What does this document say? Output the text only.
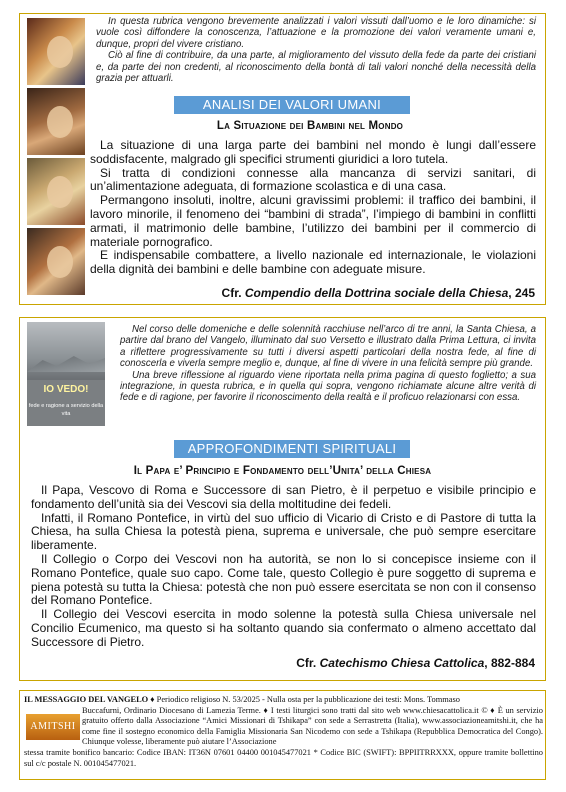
In questa rubrica vengono brevemente analizzati i valori vissuti dall’uomo e le loro dinamiche: si vuole così diffondere la conoscenza, l’attuazione e la promozione dei valori veramente umani e, dunque, propri del vivere cristiano.

Ciò al fine di contribuire, da una parte, al miglioramento del vissuto della fede da parte dei cristiani e, da parte dei non credenti, al riconoscimento della bontà di tali valori nonché della necessità della grazia per attuarli.

ANALISI DEI VALORI UMANI
La Situazione dei Bambini nel Mondo

La situazione di una larga parte dei bambini nel mondo è lungi dall’essere soddisfacente, malgrado gli specifici strumenti giuridici a loro tutela.

Si tratta di condizioni connesse alla mancanza di servizi sanitari, di un’alimentazione adeguata, di formazione scolastica e di una casa.

Permangono insoluti, inoltre, alcuni gravissimi problemi: il traffico dei bambini, il lavoro minorile, il fenomeno dei “bambini di strada”, l’impiego di bambini in conflitti armati, il matrimonio delle bambine, l’utilizzo dei bambini per il commercio di materiale pornografico.

E indispensabile combattere, a livello nazionale ed internazionale, le violazioni della dignità dei bambini e delle bambine con adeguate misure.

Cfr. Compendio della Dottrina sociale della Chiesa, 245
IO VEDO!
fede e ragione a servizio della vita

Nel corso delle domeniche e delle solennità racchiuse nell’arco di tre anni, la Santa Chiesa, a partire dal brano del Vangelo, illuminato dal suo Versetto e illustrato dalla Prima Lettura, ci invita a riflettere progressivamente su tutti i diversi aspetti particolari della nostra fede, al fine di conoscerla e viverla sempre meglio e, dunque, al fine di vivere in una felicità sempre più grande.

Una breve riflessione al riguardo viene riportata nella prima pagina di questo foglietto; a sua integrazione, in questa rubrica, e in quella qui sopra, vengono richiamate alcune altre verità di fede e di ragione, per favorire il riconoscimento della realtà e il proficuo relazionarsi con essa.

APPROFONDIMENTI SPIRITUALI
Il Papa e’ Principio e Fondamento dell’Unita’ della Chiesa

Il Papa, Vescovo di Roma e Successore di san Pietro, è il perpetuo e visibile principio e fondamento dell’unità sia dei Vescovi sia della moltitudine dei fedeli.

Infatti, il Romano Pontefice, in virtù del suo ufficio di Vicario di Cristo e di Pastore di tutta la Chiesa, ha sulla Chiesa la potestà piena, suprema e universale, che può sempre esercitare liberamente.

Il Collegio o Corpo dei Vescovi non ha autorità, se non lo si concepisce insieme con il Romano Pontefice, quale suo capo. Come tale, questo Collegio è pure soggetto di suprema e piena potestà su tutta la Chiesa: potestà che non può essere esercitata se non con il consenso del Romano Pontefice.

Il Collegio dei Vescovi esercita in modo solenne la potestà sulla Chiesa universale nel Concilio Ecumenico, ma questo si ha soltanto quando sia confermato o almeno accettato dal Successore di Pietro.

Cfr. Catechismo Chiesa Cattolica, 882-884
AMITSHI
IL MESSAGGIO DEL VANGELO ♦ Periodico religioso N. 53/2025 - Nulla osta per la pubblicazione dei testi: Mons. Tommaso
Buccafurni, Ordinario Diocesano di Lamezia Terme. ♦ I testi liturgici sono tratti dal sito web www.chiesacattolica.it © ♦ È un servizio gratuito offerto dalla Associazione “Amici Missionari di Tshikapa” con sede a Serrastretta (Italia), www.associazioneamitshi.it, che ha come fine il sostegno economico della Famiglia Missionaria San Nicodemo con sede a Tshikapa (Repubblica Democratica del Congo). Chiunque volesse, liberamente può aiutare l’Associazione
stessa tramite bonifico bancario: Codice IBAN: IT36N 07601 04400 001045477021 * Codice BIC (SWIFT): BPPIITRRXXX, oppure tramite bollettino sul c/c postale N. 001045477021.
